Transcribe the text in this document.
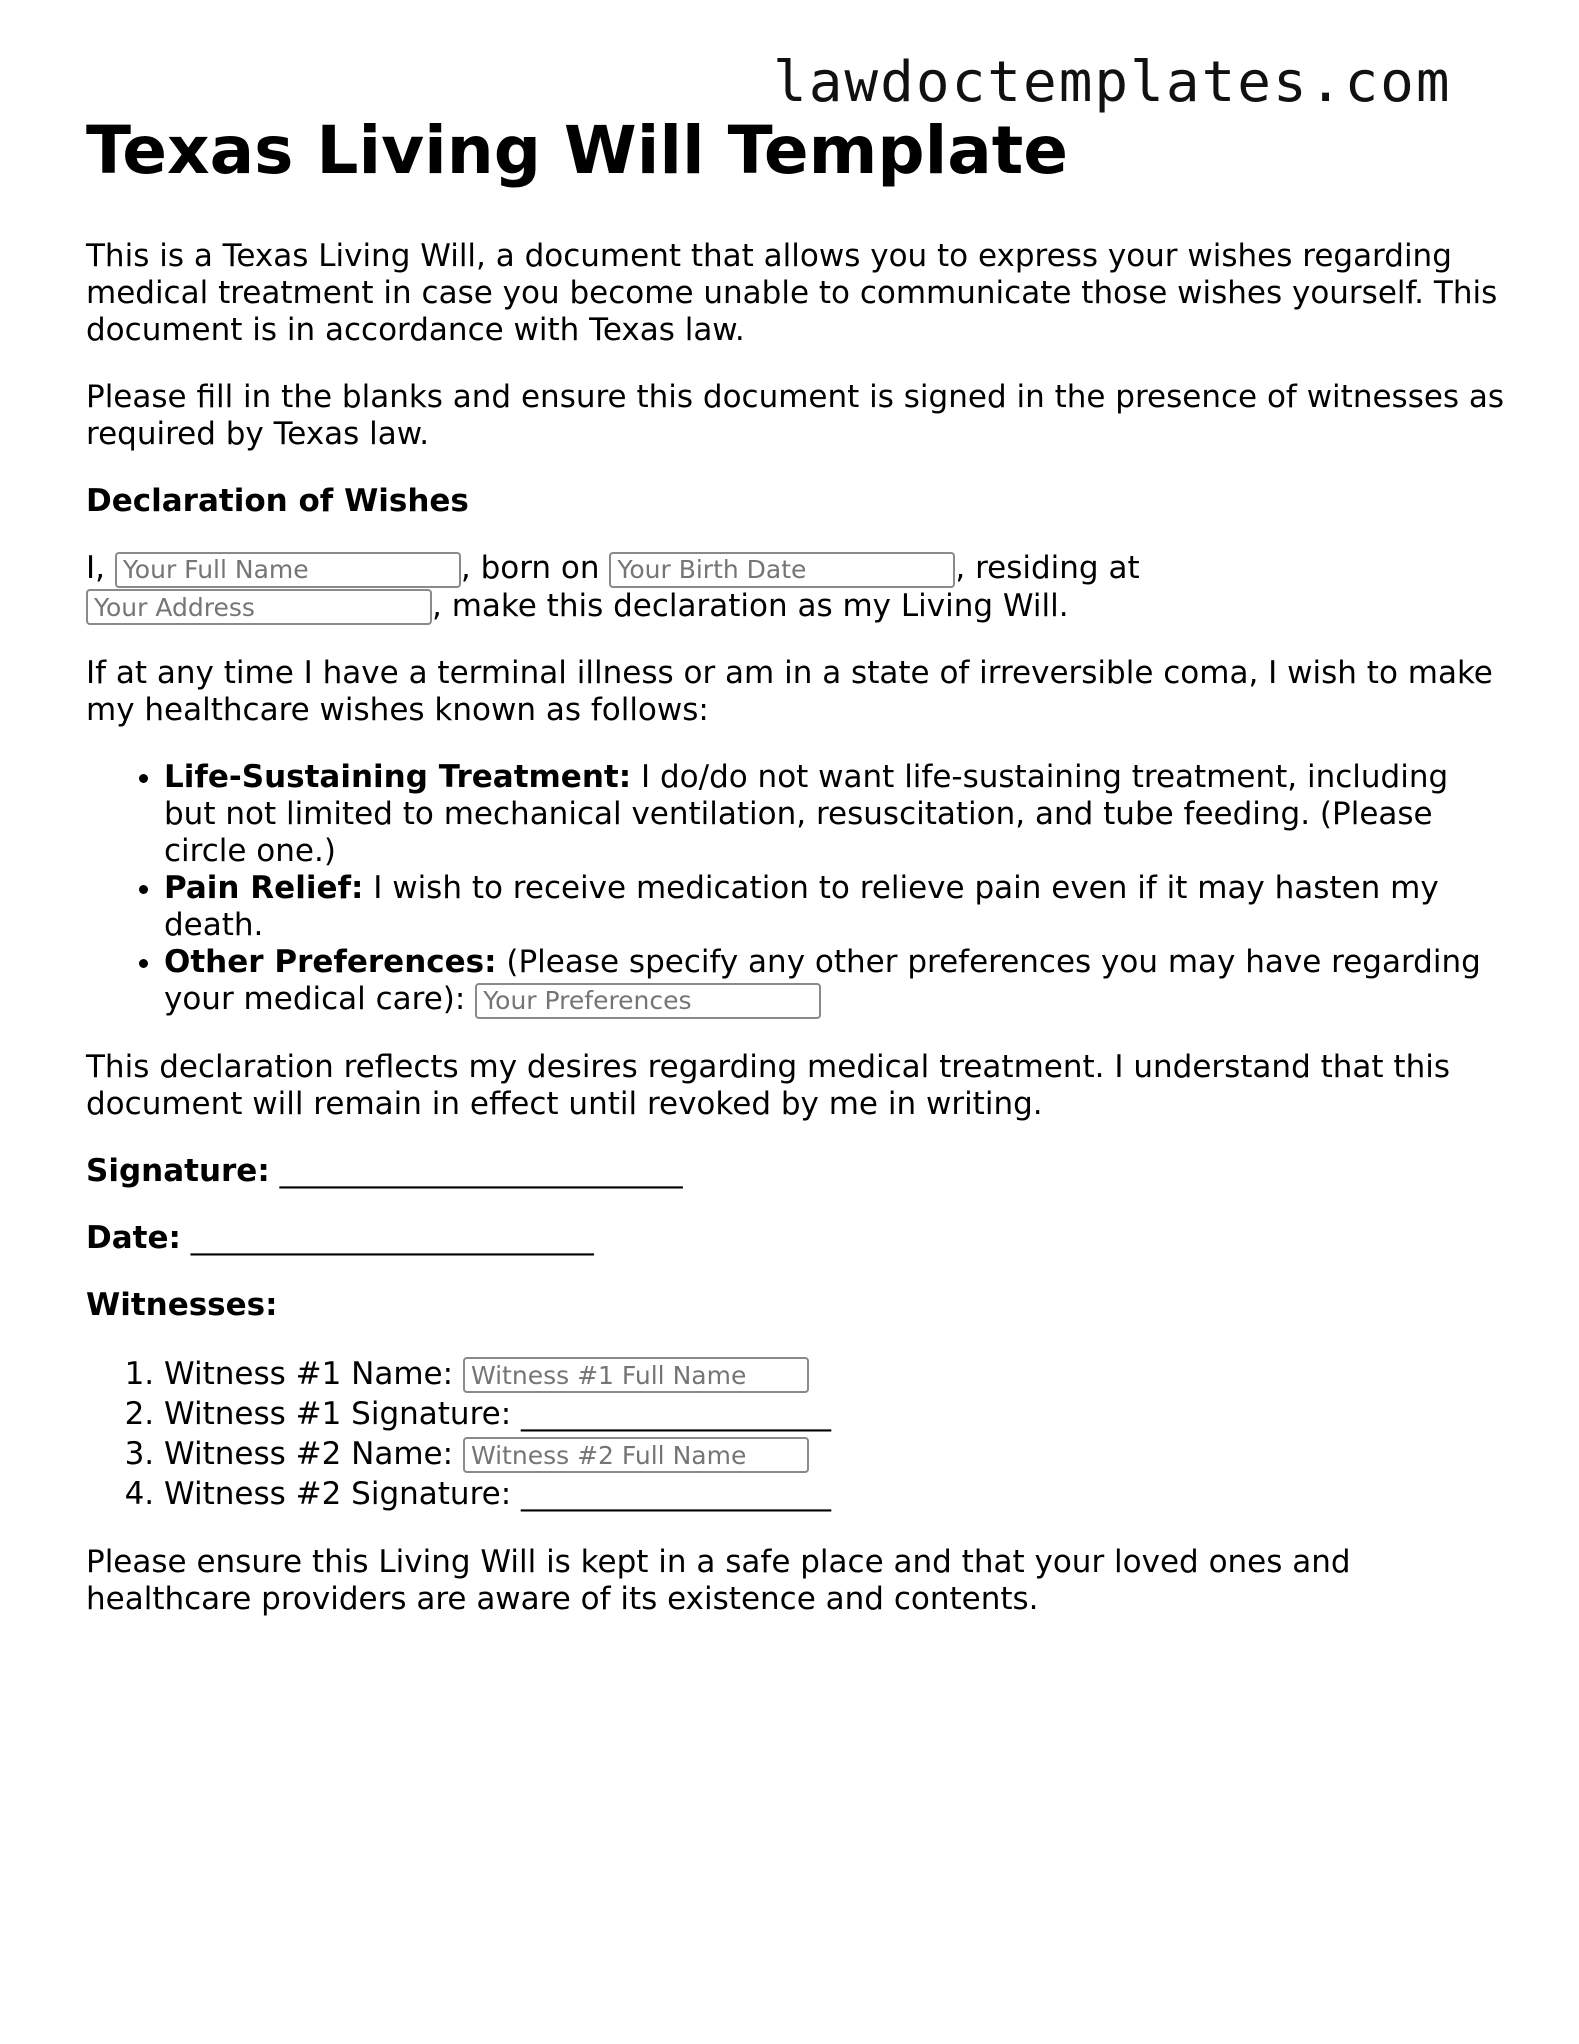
lawdoctemplates.com
Texas Living Will Template

This is a Texas Living Will, a document that allows you to express your wishes regarding medical treatment in case you become unable to communicate those wishes yourself. This document is in accordance with Texas law.

Please fill in the blanks and ensure this document is signed in the presence of witnesses as required by Texas law.

Declaration of Wishes

I, Your Full Name	, born on Your Birth Date	, residing at
Your Address, make this declaration as my Living Will.

If at any time I have a terminal illness or am in a state of irreversible coma, I wish to make my healthcare wishes known as follows:

• Life-Sustaining Treatment: I do/do not want life-sustaining treatment, including but not limited to mechanical ventilation, resuscitation, and tube feeding. (Please circle one.)
• Pain Relief: I wish to receive medication to relieve pain even if it may hasten my death.
• Other Preferences: (Please specify any other preferences you may have regarding your medical care): Your Preferences

This declaration reflects my desires regarding medical treatment. I understand that this document will remain in effect until revoked by me in writing.

Signature: __________________________

Date: __________________________

Witnesses:

1. Witness #1 Name: Witness #1 Full Name
2. Witness #1 Signature: ____________________
3. Witness #2 Name: Witness #2 Full Name
4. Witness #2 Signature: ____________________

Please ensure this Living Will is kept in a safe place and that your loved ones and healthcare providers are aware of its existence and contents.
